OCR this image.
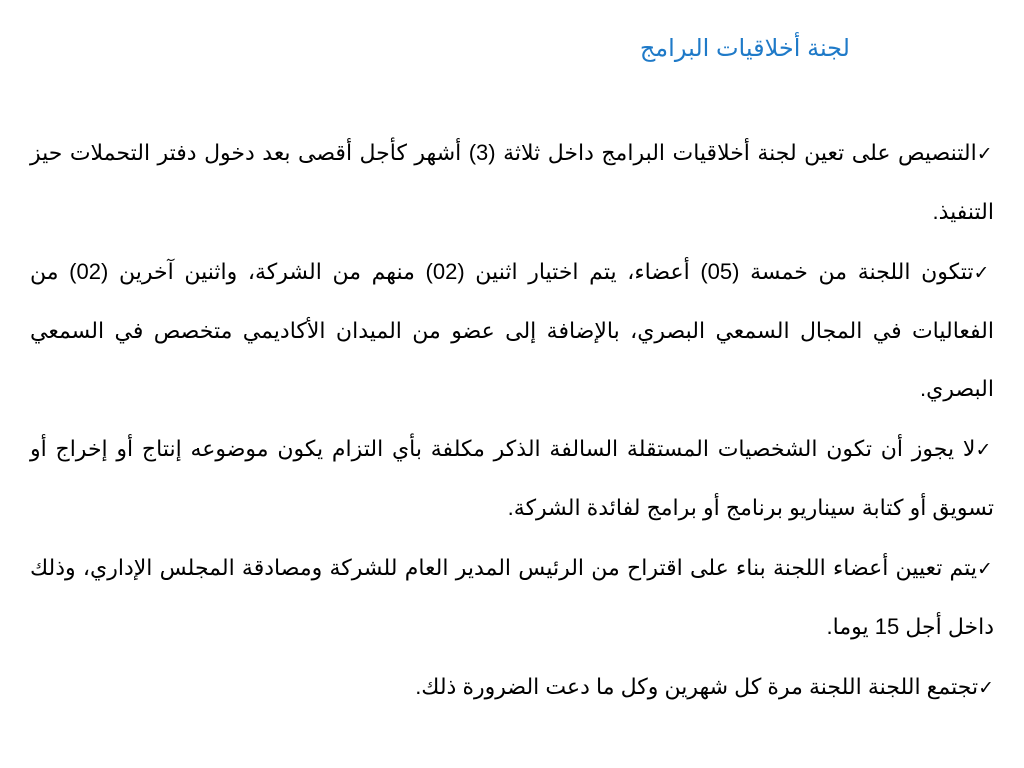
لجنة أخلاقيات البرامج

✓التنصيص على تعين لجنة أخلاقيات البرامج داخل ثلاثة (3) أشهر كأجل أقصى بعد دخول دفتر التحملات حيز التنفيذ.

✓تتكون اللجنة من خمسة (05) أعضاء، يتم اختيار اثنين (02) منهم من الشركة، واثنين آخرين (02) من الفعاليات في المجال السمعي البصري، بالإضافة إلى عضو من الميدان الأكاديمي متخصص في السمعي البصري.

✓لا يجوز أن تكون الشخصيات المستقلة السالفة الذكر مكلفة بأي التزام يكون موضوعه إنتاج أو إخراج أو تسويق أو كتابة سيناريو برنامج أو برامج لفائدة الشركة.

✓يتم تعيين أعضاء اللجنة بناء على اقتراح من الرئيس المدير العام للشركة ومصادقة المجلس الإداري، وذلك داخل أجل 15 يوما.

✓تجتمع اللجنة اللجنة مرة كل شهرين وكل ما دعت الضرورة ذلك.
